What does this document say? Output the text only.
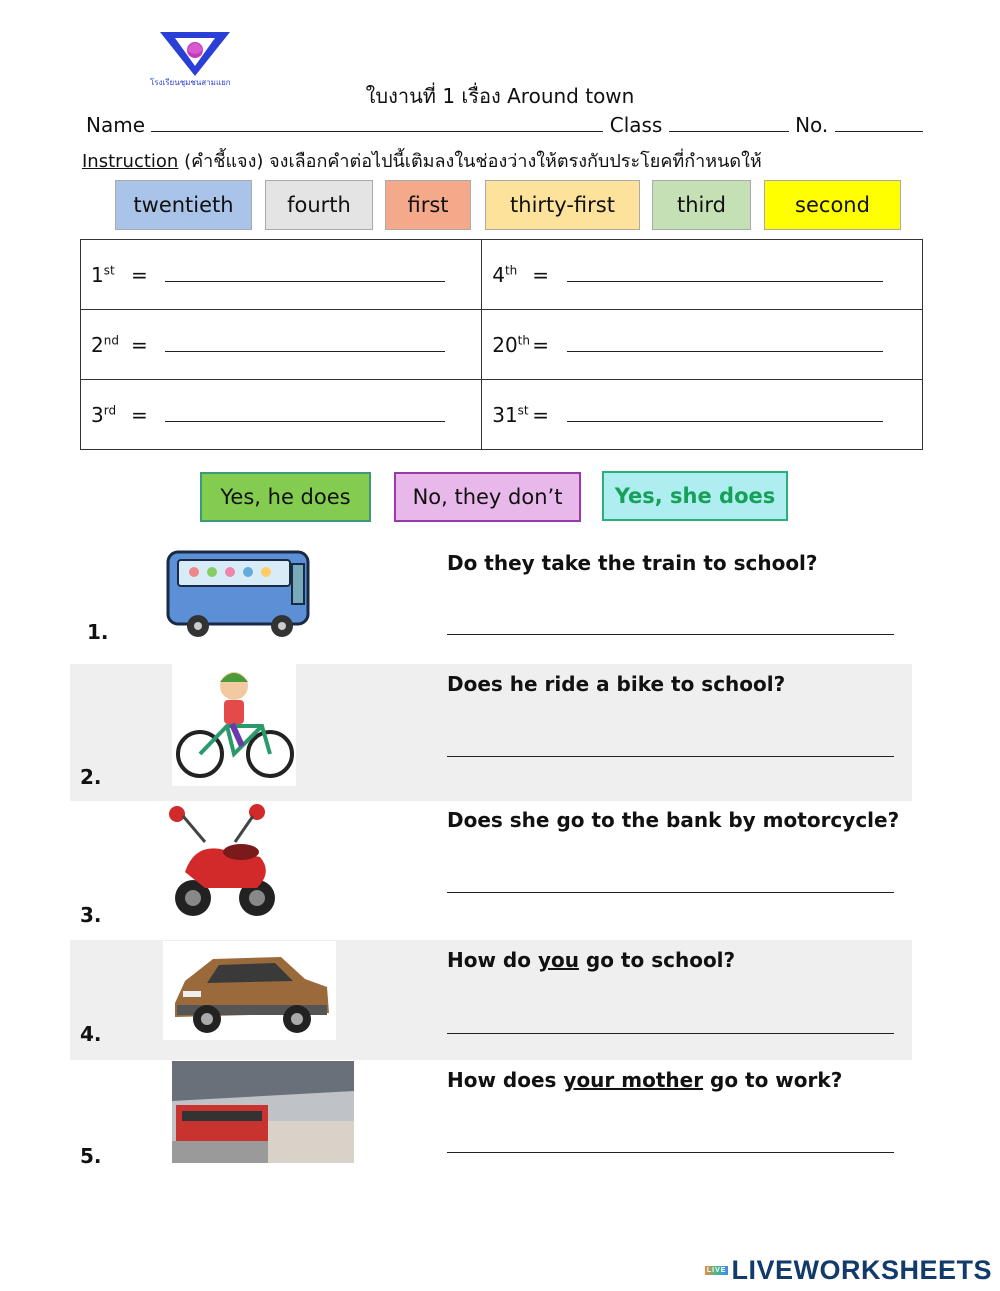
โรงเรียนชุมชนสามแยก
ใบงานที่ 1 เรื่อง Around town
Name	Class	No.
Instruction (คำชี้แจง) จงเลือกคำต่อไปนี้เติมลงในช่องว่างให้ตรงกับประโยคที่กำหนดให้
twentieth	fourth	first	thirty-first	third	second
1st =	4th =
2nd =	20th =
3rd =	31st =
Yes, he does	No, they don’t Yes, she does
1.
Do they take the train to school?
2.
Does he ride a bike to school?
3.
Does she go to the bank by motorcycle?
4.
How do you go to school?
5.
How does your mother go to work?
LIVE LIVEWORKSHEETS
